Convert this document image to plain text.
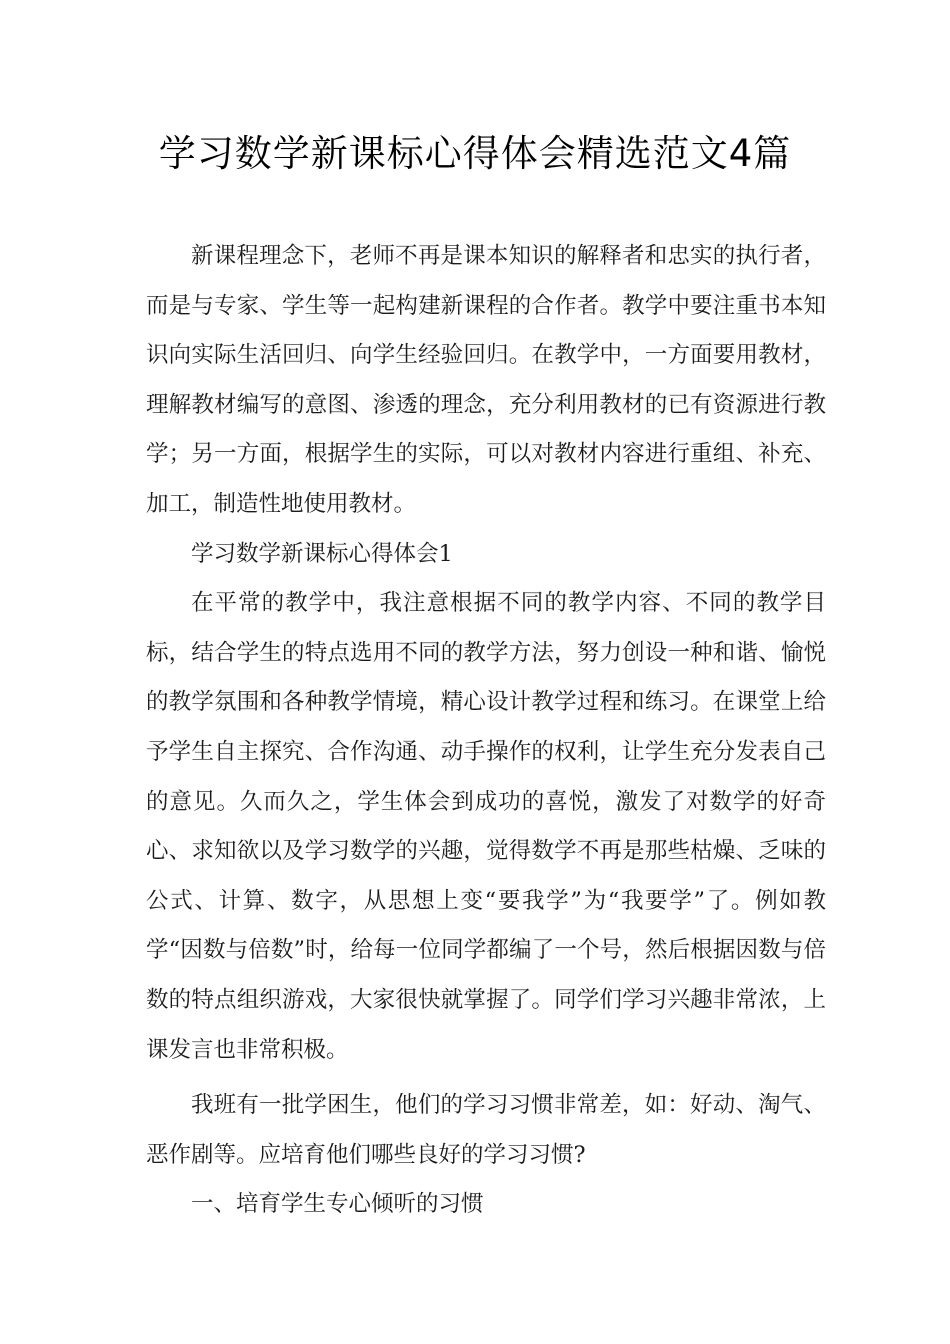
学习数学新课标心得体会精选范文4篇

新课程理念下，老师不再是课本知识的解释者和忠实的执行者，而是与专家、学生等一起构建新课程的合作者。教学中要注重书本知识向实际生活回归、向学生经验回归。在教学中，一方面要用教材，理解教材编写的意图、渗透的理念，充分利用教材的已有资源进行教学；另一方面，根据学生的实际，可以对教材内容进行重组、补充、加工，制造性地使用教材。

学习数学新课标心得体会1

在平常的教学中，我注意根据不同的教学内容、不同的教学目标，结合学生的特点选用不同的教学方法，努力创设一种和谐、愉悦的教学氛围和各种教学情境，精心设计教学过程和练习。在课堂上给予学生自主探究、合作沟通、动手操作的权利，让学生充分发表自己的意见。久而久之，学生体会到成功的喜悦，激发了对数学的好奇心、求知欲以及学习数学的兴趣，觉得数学不再是那些枯燥、乏味的公式、计算、数字，从思想上变“要我学”为“我要学”了。例如教学“因数与倍数”时，给每一位同学都编了一个号，然后根据因数与倍数的特点组织游戏，大家很快就掌握了。同学们学习兴趣非常浓，上课发言也非常积极。

我班有一批学困生，他们的学习习惯非常差，如：好动、淘气、恶作剧等。应培育他们哪些良好的学习习惯?

一、培育学生专心倾听的习惯
